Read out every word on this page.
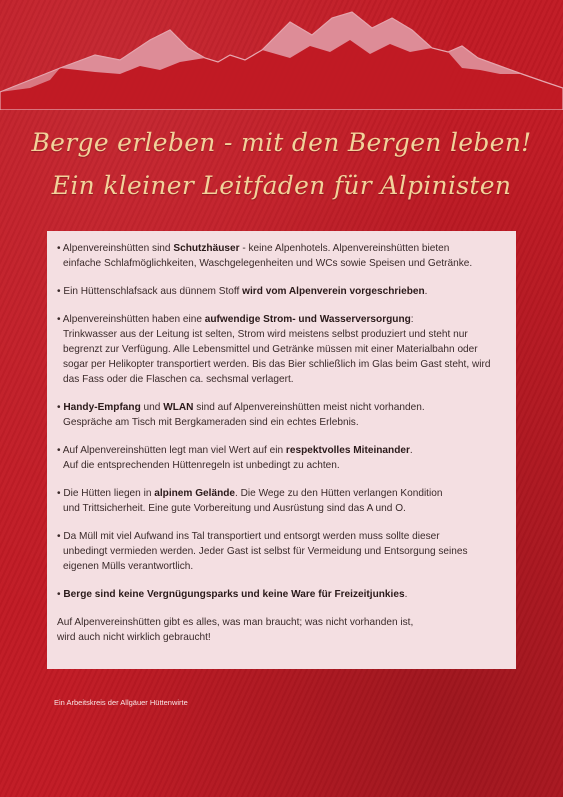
Berge erleben - mit den Bergen leben!
Ein kleiner Leitfaden für Alpinisten
• Alpenvereinshütten sind Schutzhäuser - keine Alpenhotels. Alpenvereinshütten bieten
einfache Schlafmöglichkeiten, Waschgelegenheiten und WCs sowie Speisen und Getränke.
• Ein Hüttenschlafsack aus dünnem Stoff wird vom Alpenverein vorgeschrieben.
• Alpenvereinshütten haben eine aufwendige Strom- und Wasserversorgung:
Trinkwasser aus der Leitung ist selten, Strom wird meistens selbst produziert und steht nur begrenzt zur Verfügung. Alle Lebensmittel und Getränke müssen mit einer Materialbahn oder sogar per Helikopter transportiert werden. Bis das Bier schließlich im Glas beim Gast steht, wird das Fass oder die Flaschen ca. sechsmal verlagert.
• Handy-Empfang und WLAN sind auf Alpenvereinshütten meist nicht vorhanden.
Gespräche am Tisch mit Bergkameraden sind ein echtes Erlebnis.
• Auf Alpenvereinshütten legt man viel Wert auf ein respektvolles Miteinander.
Auf die entsprechenden Hüttenregeln ist unbedingt zu achten.
• Die Hütten liegen in alpinem Gelände. Die Wege zu den Hütten verlangen Kondition
und Trittsicherheit. Eine gute Vorbereitung und Ausrüstung sind das A und O.
• Da Müll mit viel Aufwand ins Tal transportiert und entsorgt werden muss sollte dieser
unbedingt vermieden werden. Jeder Gast ist selbst für Vermeidung und Entsorgung seines eigenen Mülls verantwortlich.
• Berge sind keine Vergnügungsparks und keine Ware für Freizeitjunkies.
Auf Alpenvereinshütten gibt es alles, was man braucht; was nicht vorhanden ist,
wird auch nicht wirklich gebraucht!
Ein Arbeitskreis der Allgäuer Hüttenwirte
